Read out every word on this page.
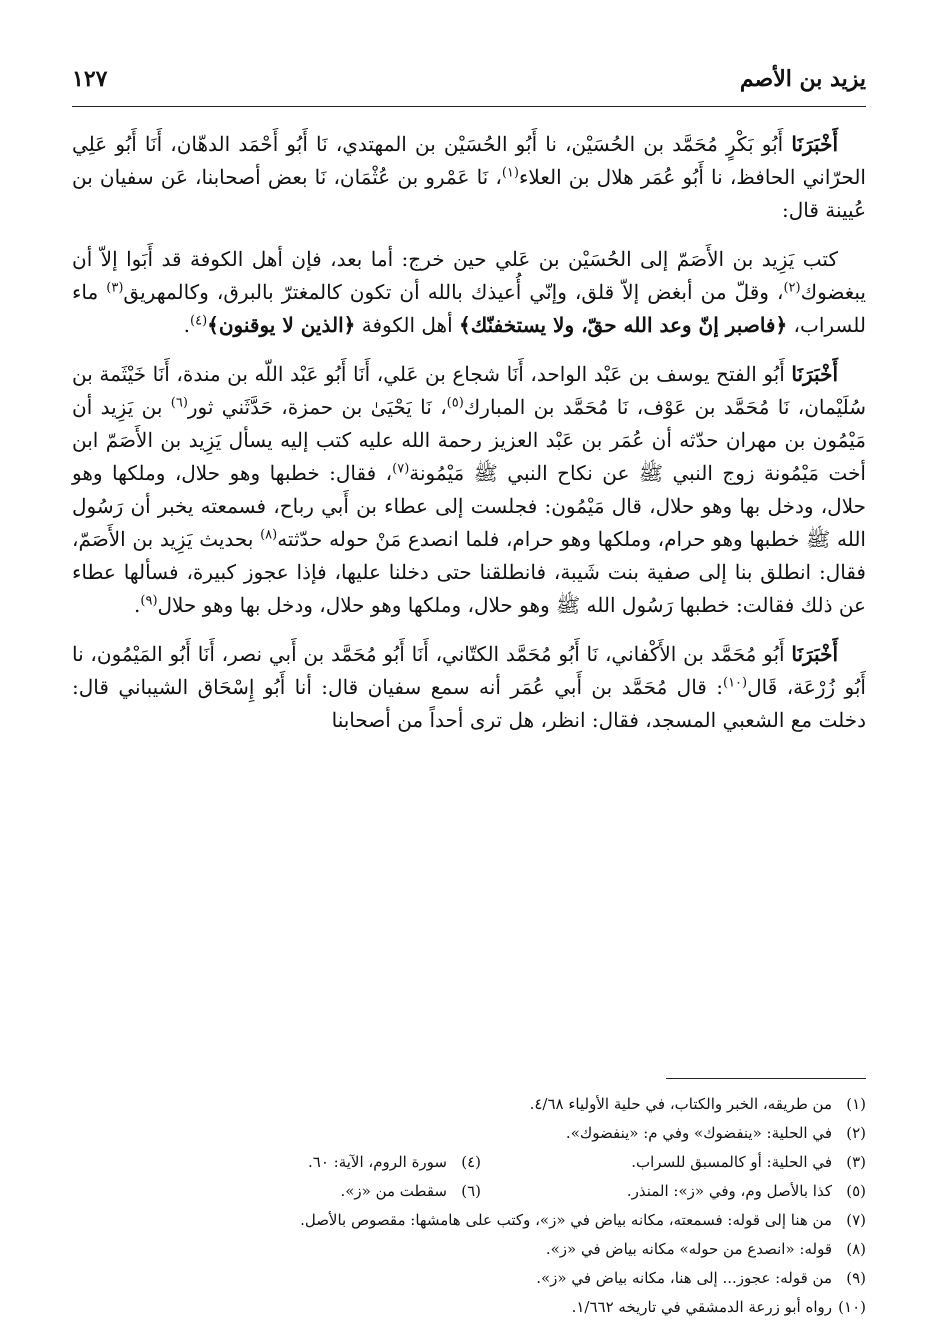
يزيد بن الأصم
١٢٧

أَخْبَرَنَا أَبُو بَكْرٍ مُحَمَّد بن الحُسَيْن، نا أَبُو الحُسَيْن بن المهتدي، نَا أَبُو أَحْمَد الدهّان، أَنَا أَبُو عَلِي الحرّاني الحافظ، نا أَبُو عُمَر هلال بن العلاء$^{(١)}$، نَا عَمْرو بن عُثْمَان، نَا بعض أصحابنا، عَن سفيان بن عُيينة قال:

كتب يَزِيد بن الأَصَمّ إلى الحُسَيْن بن عَلي حين خرج: أما بعد، فإن أهل الكوفة قد أَبَوا إلاّ أن يبغضوك$^{(٢)}$، وقلّ من أبغض إلاّ قلق، وإنّي أُعيذك بالله أن تكون كالمغترّ بالبرق، وكالمهريق$^{(٣)}$ ماء للسراب، ﴿فاصبر إنّ وعد الله حقّ، ولا يستخفنّك﴾ أهل الكوفة ﴿الذين لا يوقنون﴾$^{(٤)}$.

أَخْبَرَنَا أَبُو الفتح يوسف بن عَبْد الواحد، أَنَا شجاع بن عَلي، أَنَا أَبُو عَبْد اللّه بن مندة، أَنَا خَيْثَمة بن سُلَيْمان، نَا مُحَمَّد بن عَوْف، نَا مُحَمَّد بن المبارك$^{(٥)}$، نَا يَحْيَىٰ بن حمزة، حَدَّثَني ثور$^{(٦)}$ بن يَزِيد أن مَيْمُون بن مهران حدّثه أن عُمَر بن عَبْد العزيز رحمة الله عليه كتب إليه يسأل يَزِيد بن الأَصَمّ ابن أخت مَيْمُونة زوج النبي ﷺ عن نكاح النبي ﷺ مَيْمُونة$^{(٧)}$، فقال: خطبها وهو حلال، وملكها وهو حلال، ودخل بها وهو حلال، قال مَيْمُون: فجلست إلى عطاء بن أَبي رباح، فسمعته يخبر أن رَسُول الله ﷺ خطبها وهو حرام، وملكها وهو حرام، فلما انصدع مَنْ حوله حدّثته$^{(٨)}$ بحديث يَزِيد بن الأَصَمّ، فقال: انطلق بنا إلى صفية بنت شَيبة، فانطلقنا حتى دخلنا عليها، فإذا عجوز كبيرة، فسألها عطاء عن ذلك فقالت: خطبها رَسُول الله ﷺ وهو حلال، وملكها وهو حلال، ودخل بها وهو حلال$^{(٩)}$.

أَخْبَرَنَا أَبُو مُحَمَّد بن الأَكْفاني، نَا أَبُو مُحَمَّد الكتّاني، أَنَا أَبُو مُحَمَّد بن أَبي نصر، أَنَا أَبُو المَيْمُون، نا أَبُو زُرْعَة، قَال$^{(١٠)}$: قال مُحَمَّد بن أَبي عُمَر أنه سمع سفيان قال: أنا أَبُو إِسْحَاق الشيباني قال: دخلت مع الشعبي المسجد، فقال: انظر، هل ترى أحداً من أصحابنا

(١)من طريقه، الخبر والكتاب، في حلية الأولياء ٤/٦٨.
(٢)في الحلية: «ينفضوك» وفي م: «ينفضوك».
(٣)في الحلية: أو كالمسبق للسراب.
(٤)سورة الروم، الآية: ٦٠.
(٥)كذا بالأصل وم، وفي «ز»: المنذر.
(٦)سقطت من «ز».
(٧)من هنا إلى قوله: فسمعته، مكانه بياض في «ز»، وكتب على هامشها: مقصوص بالأصل.
(٨)قوله: «انصدع من حوله» مكانه بياض في «ز».
(٩)من قوله: عجوز... إلى هنا، مكانه بياض في «ز».
(١٠)رواه أبو زرعة الدمشقي في تاريخه ١/٦٦٢.
